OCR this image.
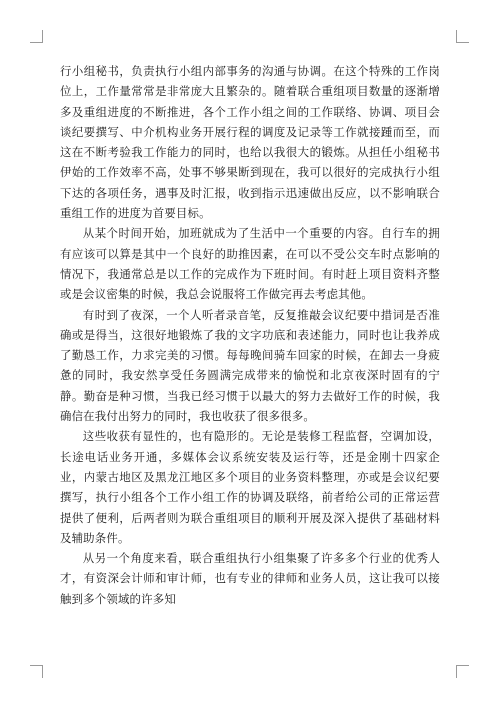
行小组秘书，负责执行小组内部事务的沟通与协调。在这个特殊的工作岗位上，工作量常常是非常庞大且繁杂的。随着联合重组项目数量的逐渐增多及重组进度的不断推进，各个工作小组之间的工作联络、协调、项目会谈纪要撰写、中介机构业务开展行程的调度及记录等工作就接踵而至，而这在不断考验我工作能力的同时，也给以我很大的锻炼。从担任小组秘书伊始的工作效率不高，处事不够果断到现在，我可以很好的完成执行小组下达的各项任务，遇事及时汇报，收到指示迅速做出反应，以不影响联合重组工作的进度为首要目标。

从某个时间开始，加班就成为了生活中一个重要的内容。自行车的拥有应该可以算是其中一个良好的助推因素，在可以不受公交车时点影响的情况下，我通常总是以工作的完成作为下班时间。有时赶上项目资料齐整或是会议密集的时候，我总会说服将工作做完再去考虑其他。

有时到了夜深，一个人听者录音笔，反复推敲会议纪要中措词是否准确或是得当，这很好地锻炼了我的文字功底和表述能力，同时也让我养成了勤恳工作，力求完美的习惯。每每晚间骑车回家的时候，在卸去一身疲惫的同时，我安然享受任务圆满完成带来的愉悦和北京夜深时固有的宁静。勤奋是种习惯，当我已经习惯于以最大的努力去做好工作的时候，我确信在我付出努力的同时，我也收获了很多很多。

这些收获有显性的，也有隐形的。无论是装修工程监督，空调加设，长途电话业务开通，多媒体会议系统安装及运行等，还是金刚十四家企业，内蒙古地区及黑龙江地区多个项目的业务资料整理，亦或是会议纪要撰写，执行小组各个工作小组工作的协调及联络，前者给公司的正常运营提供了便利，后两者则为联合重组项目的顺利开展及深入提供了基础材料及辅助条件。

从另一个角度来看，联合重组执行小组集聚了许多多个行业的优秀人才，有资深会计师和审计师，也有专业的律师和业务人员，这让我可以接触到多个领域的许多知
